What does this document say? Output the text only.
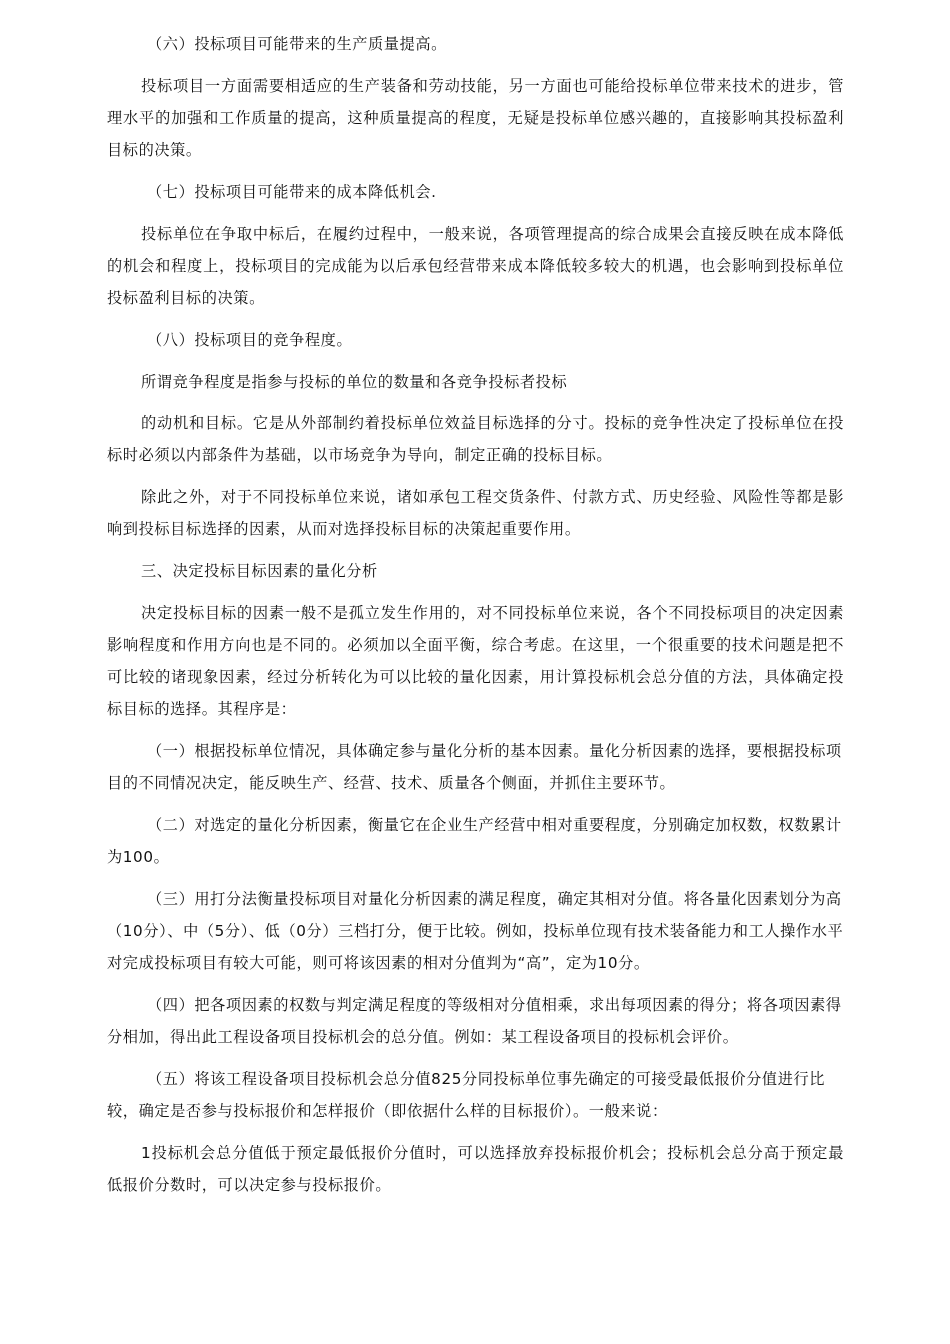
（六）投标项目可能带来的生产质量提高。

投标项目一方面需要相适应的生产装备和劳动技能，另一方面也可能给投标单位带来技术的进步，管理水平的加强和工作质量的提高，这种质量提高的程度，无疑是投标单位感兴趣的，直接影响其投标盈利目标的决策。

（七）投标项目可能带来的成本降低机会.

投标单位在争取中标后，在履约过程中，一般来说，各项管理提高的综合成果会直接反映在成本降低的机会和程度上，投标项目的完成能为以后承包经营带来成本降低较多较大的机遇，也会影响到投标单位投标盈利目标的决策。

（八）投标项目的竞争程度。

所谓竞争程度是指参与投标的单位的数量和各竞争投标者投标

的动机和目标。它是从外部制约着投标单位效益目标选择的分寸。投标的竞争性决定了投标单位在投标时必须以内部条件为基础，以市场竞争为导向，制定正确的投标目标。

除此之外，对于不同投标单位来说，诸如承包工程交货条件、付款方式、历史经验、风险性等都是影响到投标目标选择的因素，从而对选择投标目标的决策起重要作用。

三、决定投标目标因素的量化分析

决定投标目标的因素一般不是孤立发生作用的，对不同投标单位来说，各个不同投标项目的决定因素影响程度和作用方向也是不同的。必须加以全面平衡，综合考虑。在这里，一个很重要的技术问题是把不可比较的诸现象因素，经过分析转化为可以比较的量化因素，用计算投标机会总分值的方法，具体确定投标目标的选择。其程序是：

（一）根据投标单位情况，具体确定参与量化分析的基本因素。量化分析因素的选择，要根据投标项目的不同情况决定，能反映生产、经营、技术、质量各个侧面，并抓住主要环节。

（二）对选定的量化分析因素，衡量它在企业生产经营中相对重要程度，分别确定加权数，权数累计为100。

（三）用打分法衡量投标项目对量化分析因素的满足程度，确定其相对分值。将各量化因素划分为高（10分）、中（5分）、低（0分）三档打分，便于比较。例如，投标单位现有技术装备能力和工人操作水平对完成投标项目有较大可能，则可将该因素的相对分值判为“高”，定为10分。

（四）把各项因素的权数与判定满足程度的等级相对分值相乘，求出每项因素的得分；将各项因素得分相加，得出此工程设备项目投标机会的总分值。例如：某工程设备项目的投标机会评价。

（五）将该工程设备项目投标机会总分值825分同投标单位事先确定的可接受最低报价分值进行比较，确定是否参与投标报价和怎样报价（即依据什么样的目标报价）。一般来说：

1投标机会总分值低于预定最低报价分值时，可以选择放弃投标报价机会；投标机会总分高于预定最低报价分数时，可以决定参与投标报价。
